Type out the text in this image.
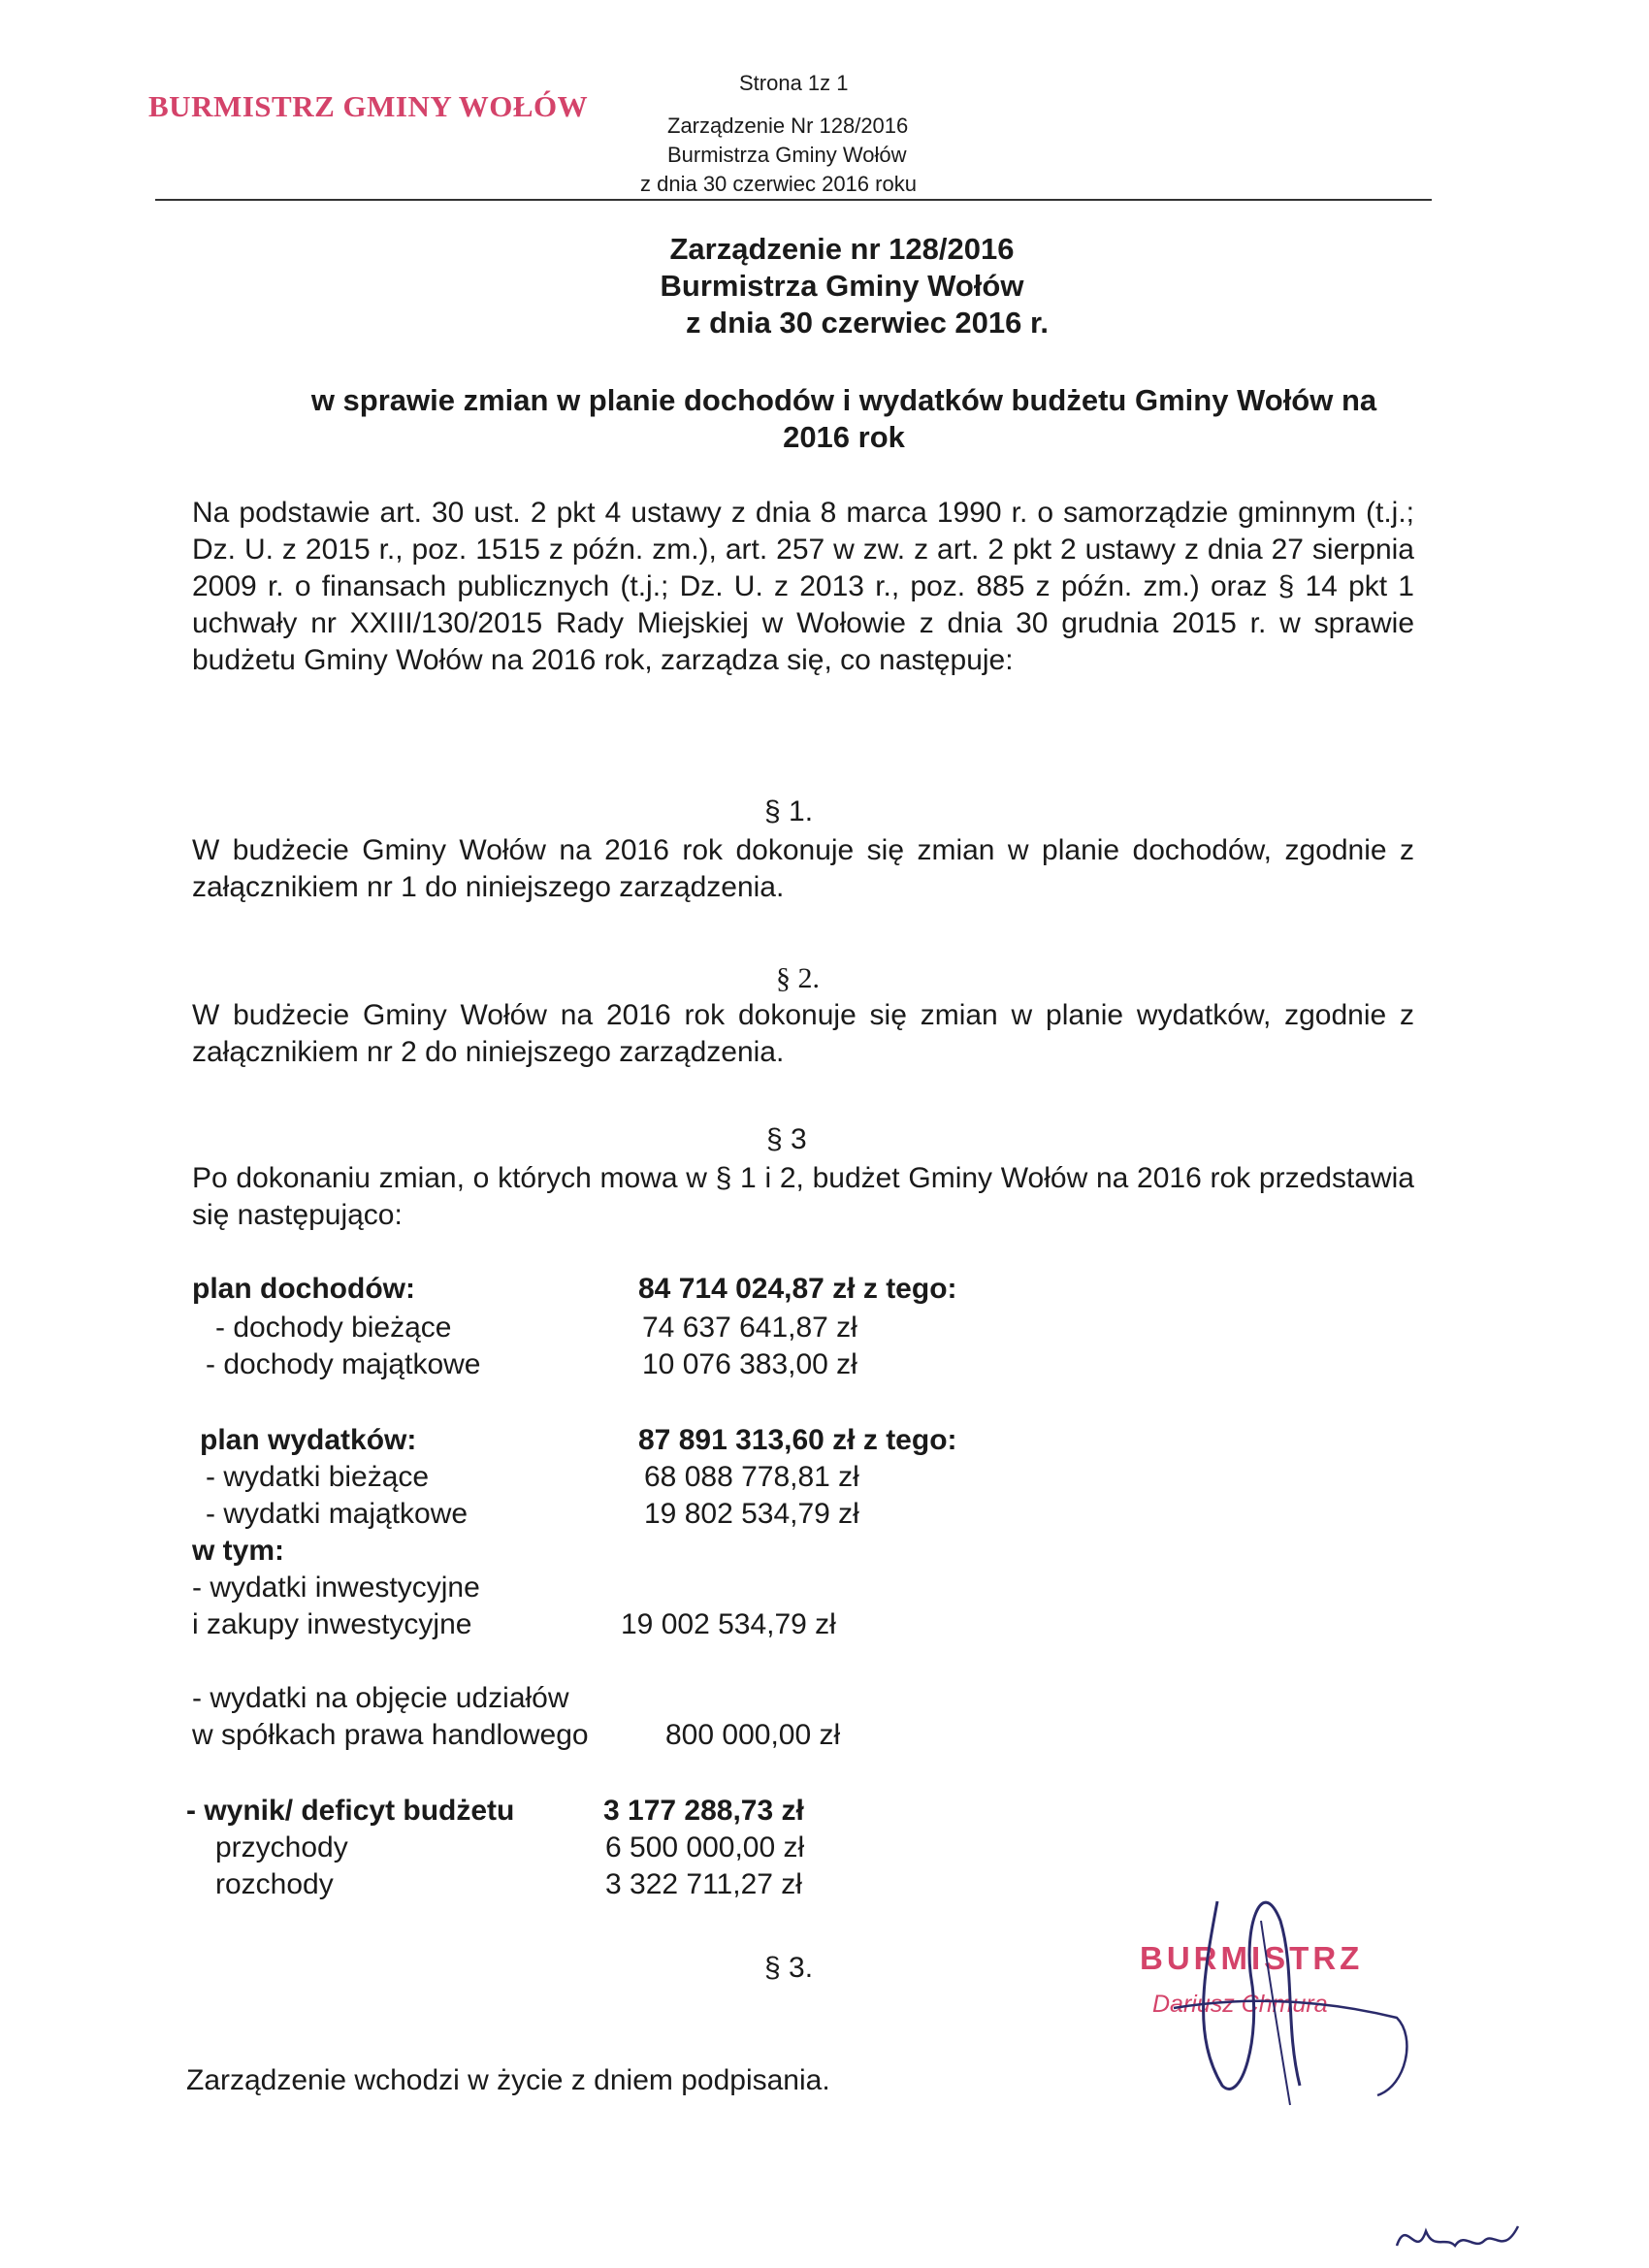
BURMISTRZ GMINY WOŁÓW
Strona 1z 1
Zarządzenie Nr 128/2016
Burmistrza Gminy Wołów
z dnia 30 czerwiec 2016 roku
Zarządzenie nr 128/2016
Burmistrza Gminy Wołów
z dnia 30 czerwiec 2016 r.
w sprawie zmian w planie dochodów i wydatków budżetu Gminy Wołów na
2016 rok
Na podstawie art. 30 ust. 2 pkt 4 ustawy z dnia 8 marca 1990 r. o samorządzie gminnym (t.j.; Dz. U. z 2015 r., poz. 1515 z późn. zm.), art. 257 w zw. z art. 2 pkt 2 ustawy z dnia 27 sierpnia 2009 r. o finansach publicznych (t.j.; Dz. U. z 2013 r., poz. 885 z późn. zm.) oraz § 14 pkt 1 uchwały nr XXIII/130/2015 Rady Miejskiej w Wołowie z dnia 30 grudnia 2015 r. w sprawie budżetu Gminy Wołów na 2016 rok, zarządza się, co następuje:
§ 1.
W budżecie Gminy Wołów na 2016 rok dokonuje się zmian w planie dochodów, zgodnie z załącznikiem nr 1 do niniejszego zarządzenia.
§ 2.
W budżecie Gminy Wołów na 2016 rok dokonuje się zmian w planie wydatków, zgodnie z załącznikiem nr 2 do niniejszego zarządzenia.
§ 3
Po dokonaniu zmian, o których mowa w § 1 i 2, budżet Gminy Wołów na 2016 rok przedstawia się następująco:
plan dochodów:	84 714 024,87 zł z tego:
- dochody bieżące	74 637 641,87 zł
- dochody majątkowe	10 076 383,00 zł
plan wydatków:	87 891 313,60 zł z tego:
- wydatki bieżące	68 088 778,81 zł
- wydatki majątkowe	19 802 534,79 zł
w tym:
- wydatki inwestycyjne
i zakupy inwestycyjne	19 002 534,79 zł
- wydatki na objęcie udziałów
w spółkach prawa handlowego	800 000,00 zł
- wynik/ deficyt budżetu	3 177 288,73 zł
przychody	6 500 000,00 zł
rozchody	3 322 711,27 zł
§ 3.
Zarządzenie wchodzi w życie z dniem podpisania.
BURMISTRZ
Dariusz Chmura
